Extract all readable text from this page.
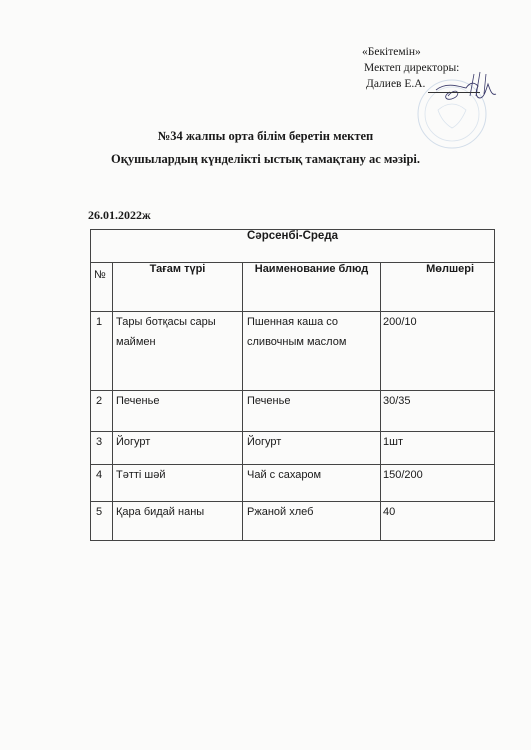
«Бекітемін»
Мектеп директоры:
Далиев Е.А.
№34 жалпы орта білім беретін мектеп
Оқушылардың күнделікті ыстық тамақтану ас мәзірі.
26.01.2022ж
Сәрсенбі-Среда			
№	Тағам түрі	Наименование блюд	Мөлшері

1	Тары ботқасы сары маймен	Пшенная каша со сливочным маслом	200/10

2	Печенье	Печенье	30/35

3	Йогурт	Йогурт	1шт

4	Тәтті шәй	Чай с сахаром	150/200

5	Қара бидай наны	Ржаной хлеб	40
